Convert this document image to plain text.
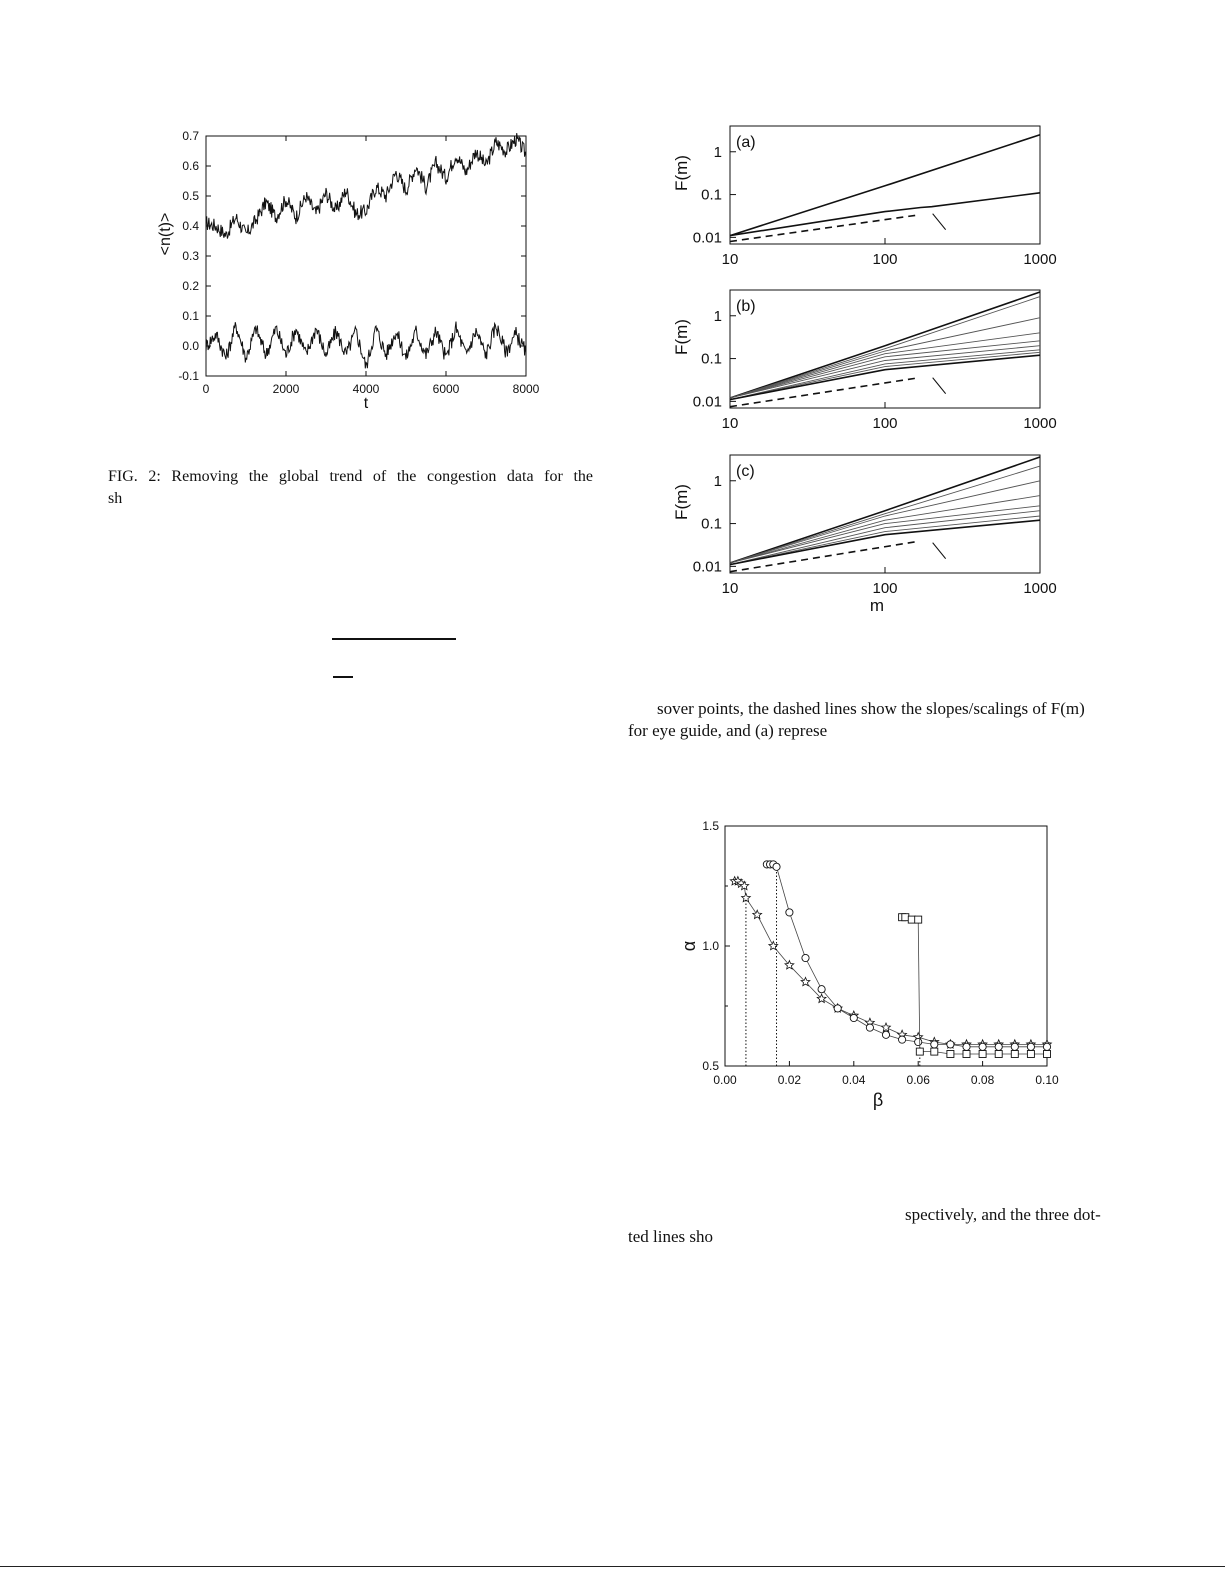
-0.1
0.0
0.1
0.2
0.3
0.4
0.5
0.6
0.7
0	2000	4000	6000	8000
t
<n(t)>
(a)
0.01
0.1
1
10	100	1000
F(m)
(b)
0.01
0.1
1
10	100	1000
F(m)
(c)
0.01
0.1
1
10	100	1000
F(m)
m
0.5
1.0
1.5
0.00	0.02	0.04	0.06	0.08	0.10
β
α
FIG. 2: Removing the global trend of the congestion data for the
sh
sover points, the dashed lines show the slopes/scalings of F(m)
for eye guide, and (a) represe
spectively, and the three dot-
ted lines sho
